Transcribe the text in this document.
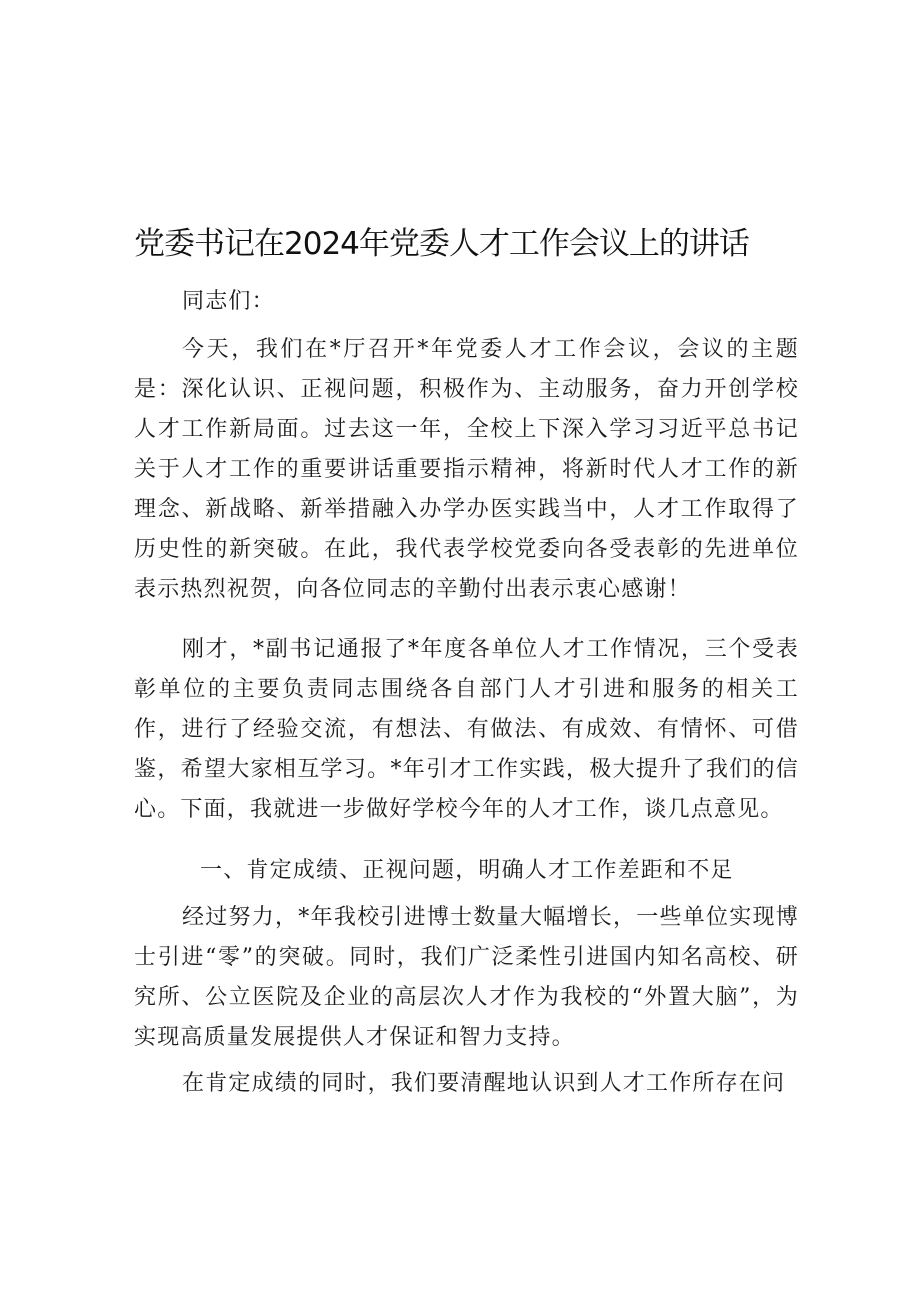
党委书记在2024年党委人才工作会议上的讲话

同志们：

今天，我们在*厅召开*年党委人才工作会议，会议的主题是：深化认识、正视问题，积极作为、主动服务，奋力开创学校人才工作新局面。过去这一年，全校上下深入学习习近平总书记关于人才工作的重要讲话重要指示精神，将新时代人才工作的新理念、新战略、新举措融入办学办医实践当中，人才工作取得了历史性的新突破。在此，我代表学校党委向各受表彰的先进单位表示热烈祝贺，向各位同志的辛勤付出表示衷心感谢！

刚才，*副书记通报了*年度各单位人才工作情况，三个受表彰单位的主要负责同志围绕各自部门人才引进和服务的相关工作，进行了经验交流，有想法、有做法、有成效、有情怀、可借鉴，希望大家相互学习。*年引才工作实践，极大提升了我们的信心。下面，我就进一步做好学校今年的人才工作，谈几点意见。

一、肯定成绩、正视问题，明确人才工作差距和不足

经过努力，*年我校引进博士数量大幅增长，一些单位实现博士引进“零”的突破。同时，我们广泛柔性引进国内知名高校、研究所、公立医院及企业的高层次人才作为我校的“外置大脑”，为实现高质量发展提供人才保证和智力支持。

在肯定成绩的同时，我们要清醒地认识到人才工作所存在问
